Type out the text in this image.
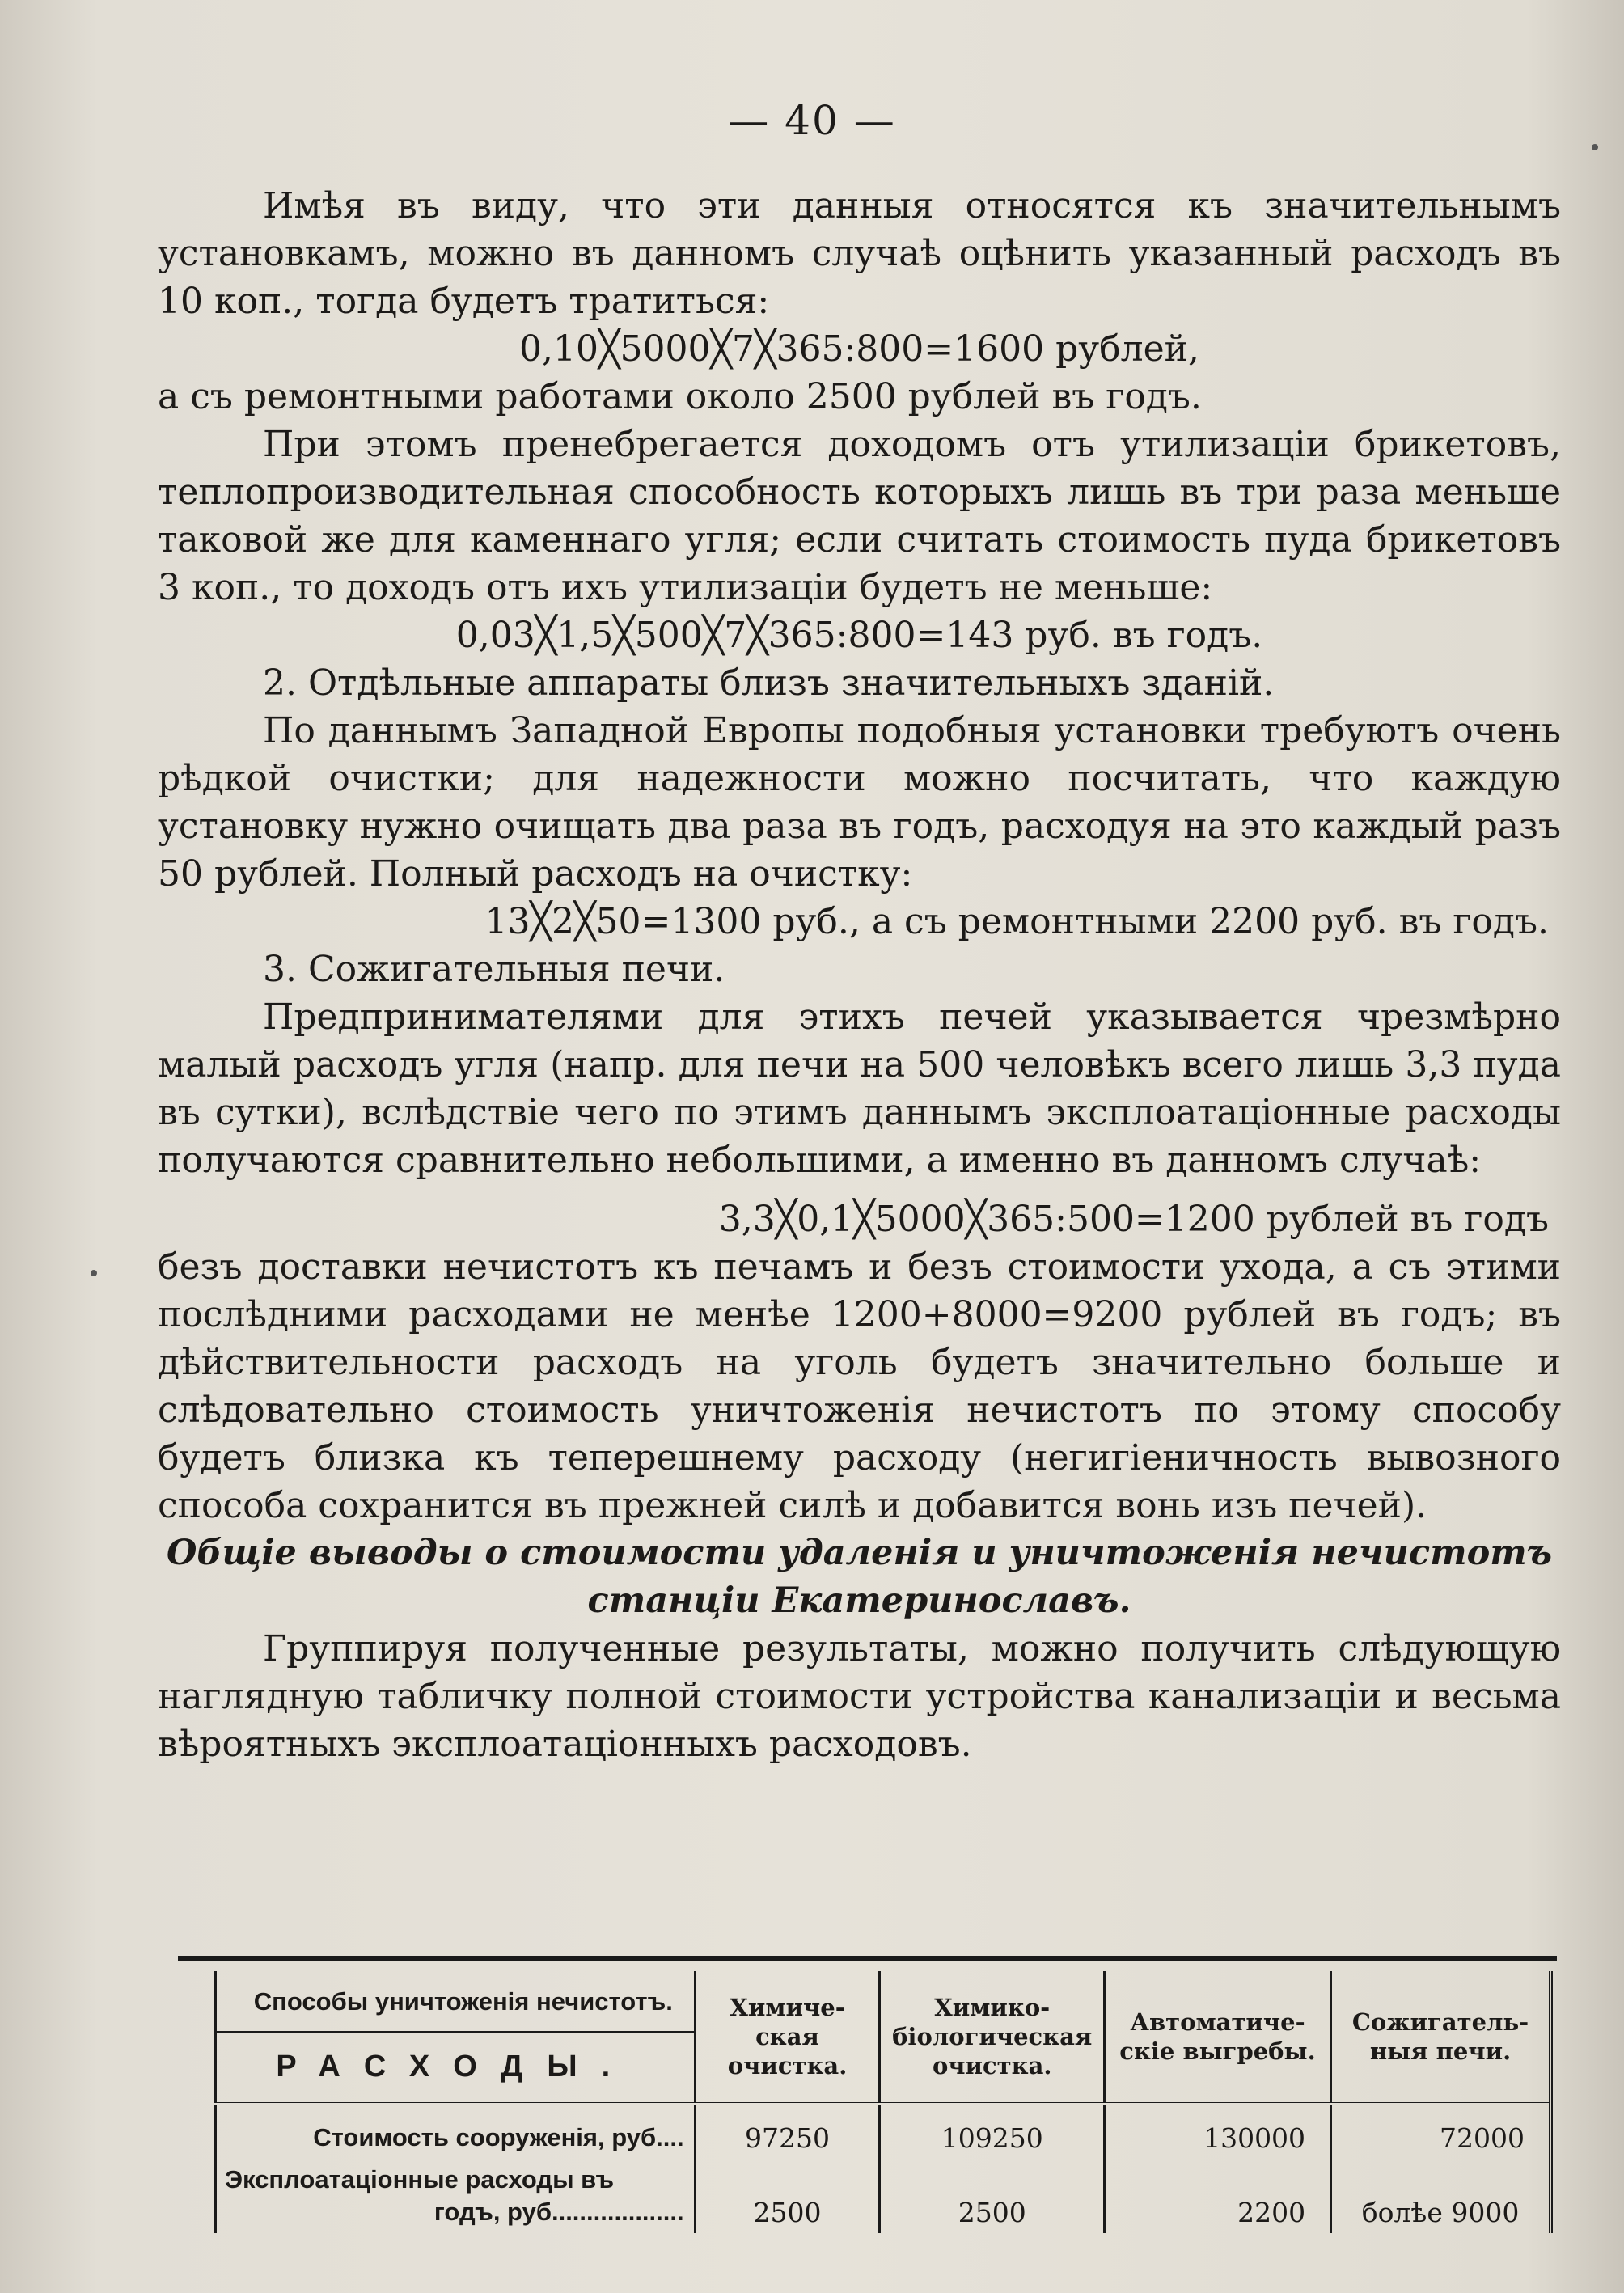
— 40 —

Имѣя въ виду, что эти данныя относятся къ значительнымъ установкамъ, можно въ данномъ случаѣ оцѣнить указанный расходъ въ 10 коп., тогда будетъ тратиться:

0,10╳5000╳7╳365:800=1600 рублей,

а съ ремонтными работами около 2500 рублей въ годъ.

При этомъ пренебрегается доходомъ отъ утилизаціи брикетовъ, теплопроизводительная способность которыхъ лишь въ три раза меньше таковой же для каменнаго угля; если считать стоимость пуда брикетовъ 3 коп., то доходъ отъ ихъ утилизаціи будетъ не меньше:

0,03╳1,5╳500╳7╳365:800=143 руб. въ годъ.

2. Отдѣльные аппараты близъ значительныхъ зданій.

По даннымъ Западной Европы подобныя установки требуютъ очень рѣдкой очистки; для надежности можно посчитать, что каждую установку нужно очищать два раза въ годъ, расходуя на это каждый разъ 50 рублей. Полный расходъ на очистку:

13╳2╳50=1300 руб., а съ ремонтными 2200 руб. въ годъ.

3. Сожигательныя печи.

Предпринимателями для этихъ печей указывается чрезмѣрно малый расходъ угля (напр. для печи на 500 человѣкъ всего лишь 3,3 пуда въ сутки), вслѣдствіе чего по этимъ даннымъ эксплоатаціонные расходы получаются сравнительно небольшими, а именно въ данномъ случаѣ:

3,3╳0,1╳5000╳365:500=1200 рублей въ годъ

безъ доставки нечистотъ къ печамъ и безъ стоимости ухода, а съ этими послѣдними расходами не менѣе 1200+8000=9200 рублей въ годъ; въ дѣйствительности расходъ на уголь будетъ значительно больше и слѣдовательно стоимость уничтоженія нечистотъ по этому способу будетъ близка къ теперешнему расходу (негигіеничность вывозного способа сохранится въ прежней силѣ и добавится вонь изъ печей).

Общіе выводы о стоимости удаленія и уничтоженія нечистотъ

станціи Екатеринославъ.

Группируя полученные результаты, можно получить слѣдующую наглядную табличку полной стоимости устройства канализаціи и весьма вѣроятныхъ эксплоатаціонныхъ расходовъ.

Способы уничтоженія нечистотъ.
РАСХОДЫ.	Химиче-ская очистка.	Химико-біологическая очистка.	Автоматиче-скіе выгребы.	Сожигатель-ныя печи.
Стоимость сооруженія, руб....	97250	109250	130000	72000

Эксплоатаціонные расходы въ
годъ, руб...................	2500	2500	2200	болѣе 9000
